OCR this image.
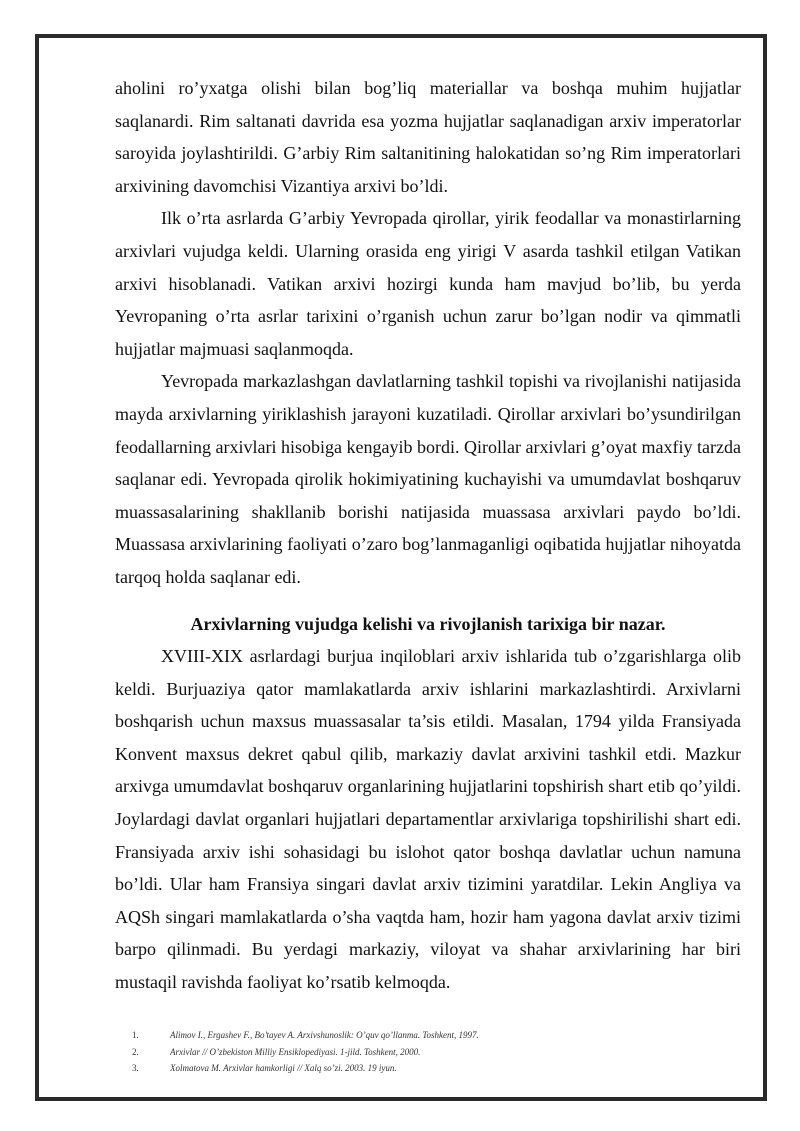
aholini ro’yxatga olishi bilan bog’liq materiallar va boshqa muhim hujjatlar saqlanardi. Rim saltanati davrida esa yozma hujjatlar saqlanadigan arxiv imperatorlar saroyida joylashtirildi. G’arbiy Rim saltanitining halokatidan so’ng Rim imperatorlari arxivining davomchisi Vizantiya arxivi bo’ldi.

Ilk o’rta asrlarda G’arbiy Yevropada qirollar, yirik feodallar va monastirlarning arxivlari vujudga keldi. Ularning orasida eng yirigi V asarda tashkil etilgan Vatikan arxivi hisoblanadi. Vatikan arxivi hozirgi kunda ham mavjud bo’lib, bu yerda Yevropaning o’rta asrlar tarixini o’rganish uchun zarur bo’lgan nodir va qimmatli hujjatlar majmuasi saqlanmoqda.

Yevropada markazlashgan davlatlarning tashkil topishi va rivojlanishi natijasida mayda arxivlarning yiriklashish jarayoni kuzatiladi. Qirollar arxivlari bo’ysundirilgan feodallarning arxivlari hisobiga kengayib bordi. Qirollar arxivlari g’oyat maxfiy tarzda saqlanar edi. Yevropada qirolik hokimiyatining kuchayishi va umumdavlat boshqaruv muassasalarining shakllanib borishi natijasida muassasa arxivlari paydo bo’ldi. Muassasa arxivlarining faoliyati o’zaro bog’lanmaganligi oqibatida hujjatlar nihoyatda tarqoq holda saqlanar edi.

Arxivlarning vujudga kelishi va rivojlanish tarixiga bir nazar.

XVIII-XIX asrlardagi burjua inqiloblari arxiv ishlarida tub o’zgarishlarga olib keldi. Burjuaziya qator mamlakatlarda arxiv ishlarini markazlashtirdi. Arxivlarni boshqarish uchun maxsus muassasalar ta’sis etildi. Masalan, 1794 yilda Fransiyada Konvent maxsus dekret qabul qilib, markaziy davlat arxivini tashkil etdi. Mazkur arxivga umumdavlat boshqaruv organlarining hujjatlarini topshirish shart etib qo’yildi. Joylardagi davlat organlari hujjatlari departamentlar arxivlariga topshirilishi shart edi. Fransiyada arxiv ishi sohasidagi bu islohot qator boshqa davlatlar uchun namuna bo’ldi. Ular ham Fransiya singari davlat arxiv tizimini yaratdilar. Lekin Angliya va AQSh singari mamlakatlarda o’sha vaqtda ham, hozir ham yagona davlat arxiv tizimi barpo qilinmadi. Bu yerdagi markaziy, viloyat va shahar arxivlarining har biri mustaqil ravishda faoliyat ko’rsatib kelmoqda.

1.	Alimov I., Ergashev F., Bo’tayev A. Arxivshunoslik: O’quv qo’llanma. Toshkent, 1997.
2.	Arxivlar // O’zbekiston Milliy Ensiklopediyasi. 1-jild. Toshkent, 2000.
3.	Xolmatova M. Arxivlar hamkorligi // Xalq so’zi. 2003. 19 iyun.
